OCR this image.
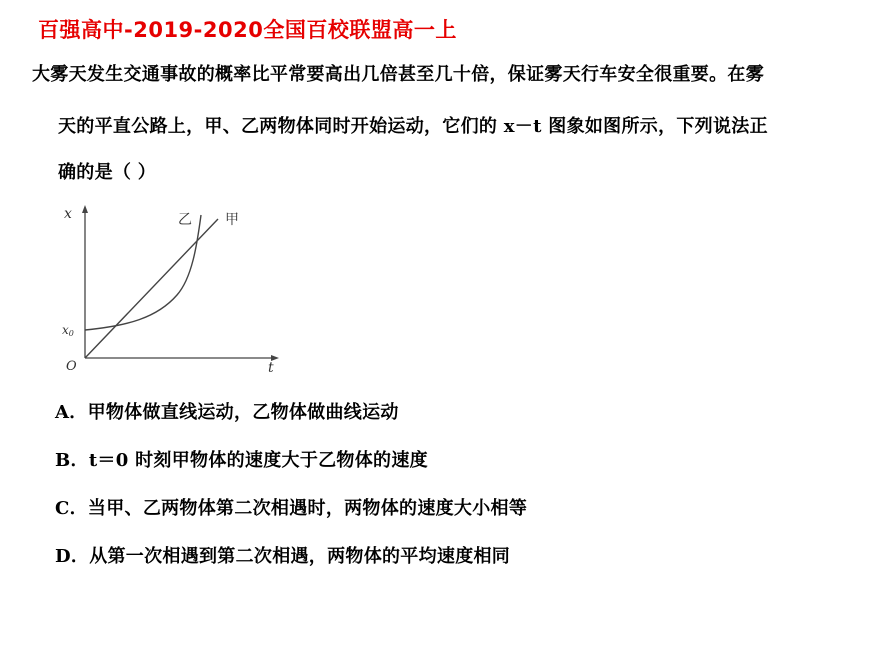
百强高中-2019-2020全国百校联盟高一上
大雾天发生交通事故的概率比平常要高出几倍甚至几十倍，保证雾天行车安全很重要。在雾
天的平直公路上，甲、乙两物体同时开始运动，它们的 x－t 图象如图所示，下列说法正
确的是（ ）
x
t
O
x0
乙 甲
A．甲物体做直线运动，乙物体做曲线运动
B．t＝0 时刻甲物体的速度大于乙物体的速度
C．当甲、乙两物体第二次相遇时，两物体的速度大小相等
D．从第一次相遇到第二次相遇，两物体的平均速度相同
